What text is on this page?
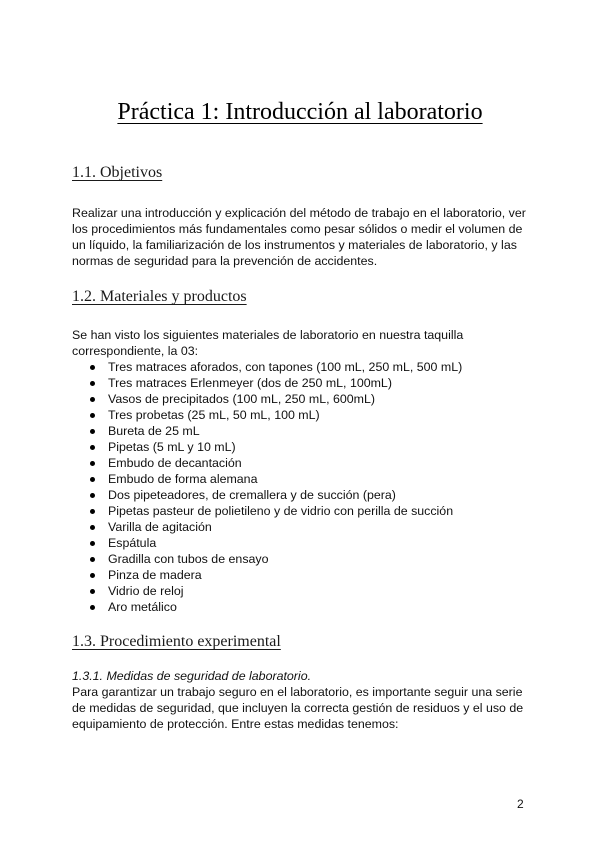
Práctica 1: Introducción al laboratorio
1.1. Objetivos

Realizar una introducción y explicación del método de trabajo en el laboratorio, ver
los procedimientos más fundamentales como pesar sólidos o medir el volumen de
un líquido, la familiarización de los instrumentos y materiales de laboratorio, y las
normas de seguridad para la prevención de accidentes.

1.2. Materiales y productos

Se han visto los siguientes materiales de laboratorio en nuestra taquilla
correspondiente, la 03:

Tres matraces aforados, con tapones (100 mL, 250 mL, 500 mL)
Tres matraces Erlenmeyer (dos de 250 mL, 100mL)
Vasos de precipitados (100 mL, 250 mL, 600mL)
Tres probetas (25 mL, 50 mL, 100 mL)
Bureta de 25 mL
Pipetas (5 mL y 10 mL)
Embudo de decantación
Embudo de forma alemana
Dos pipeteadores, de cremallera y de succión (pera)
Pipetas pasteur de polietileno y de vidrio con perilla de succión
Varilla de agitación
Espátula
Gradilla con tubos de ensayo
Pinza de madera
Vidrio de reloj
Aro metálico
1.3. Procedimiento experimental
1.3.1. Medidas de seguridad de laboratorio.

Para garantizar un trabajo seguro en el laboratorio, es importante seguir una serie
de medidas de seguridad, que incluyen la correcta gestión de residuos y el uso de
equipamiento de protección. Entre estas medidas tenemos:

2
